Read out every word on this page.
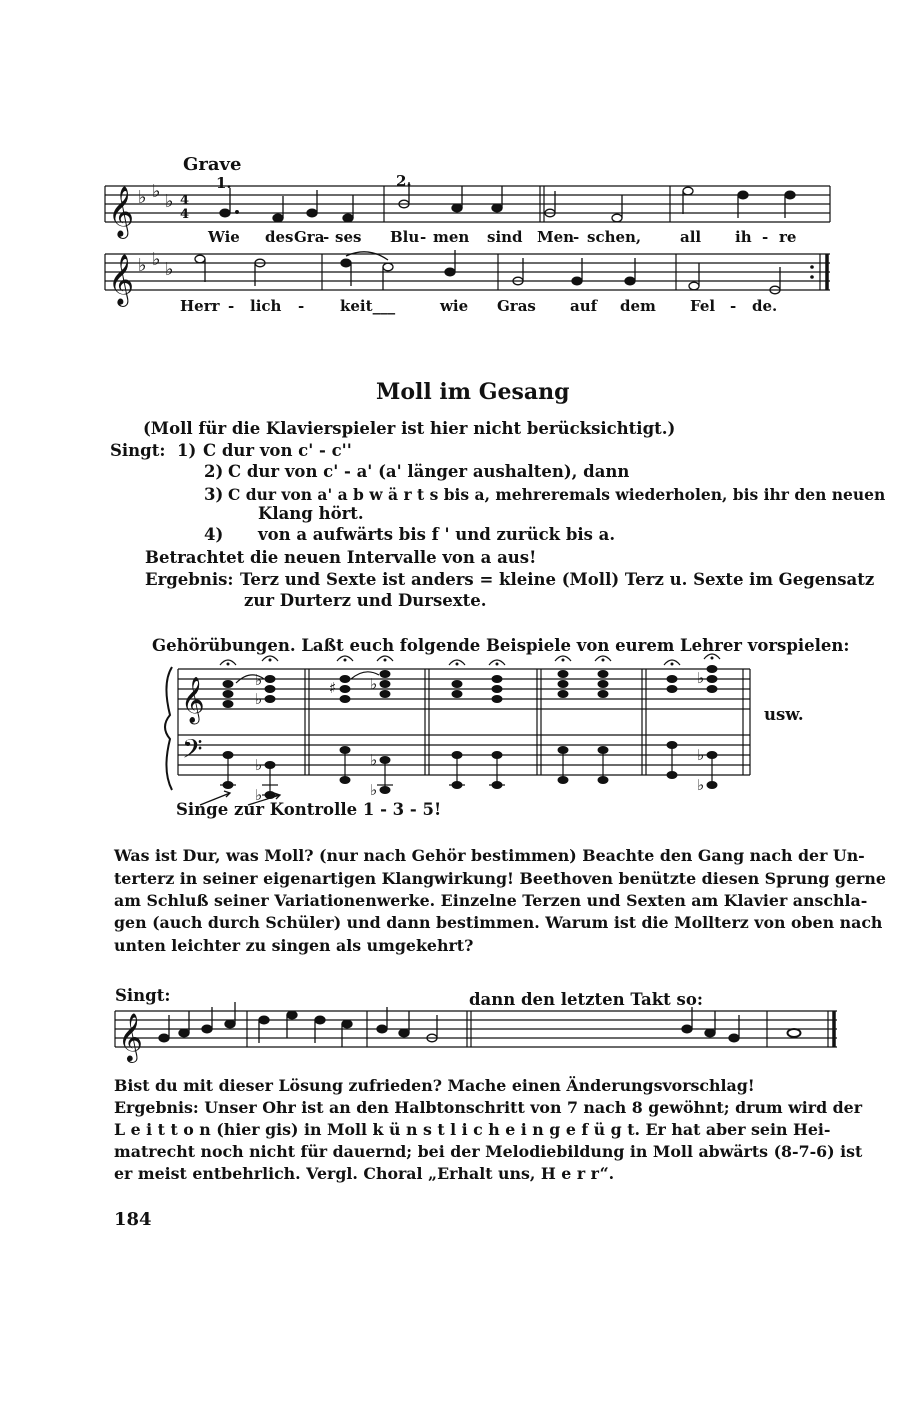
Grave
1.	2.
𝄞 ♭ ♭ ♭ 4
4
Wie des Gra
- ses Blu - men sind Men
- schen,	all ih - re
𝄞 ♭ ♭ ♭
Herr - lich - keit___	wie Gras auf dem Fel - de.
Moll im Gesang
(Moll für die Klavierspieler ist hier nicht berücksichtigt.)
Singt: 1) C dur von c' - c''
2) C dur von c' - a' (a' länger aushalten), dann
3) C dur von a' a b w ä r t s bis a, mehreremals wiederholen, bis ihr den neuen
Klang hört.
4) von a aufwärts bis f ' und zurück bis a.
Betrachtet die neuen Intervalle von a aus!
Ergebnis: Terz und Sexte ist anders = kleine (Moll) Terz u. Sexte im Gegensatz
zur Durterz und Dursexte.
Gehörübungen. Laßt euch folgende Beispiele von eurem Lehrer vorspielen:
𝄞
𝄢
♭
♭
♭
♯
♭
♭
♭
♭
♭
♭
♭
usw.
Singe zur Kontrolle 1 - 3 - 5!
Was ist Dur, was Moll? (nur nach Gehör bestimmen) Beachte den Gang nach der Un-
terterz in seiner eigenartigen Klangwirkung! Beethoven benützte diesen Sprung gerne
am Schluß seiner Variationenwerke. Einzelne Terzen und Sexten am Klavier anschla-
gen (auch durch Schüler) und dann bestimmen. Warum ist die Mollterz von oben nach
unten leichter zu singen als umgekehrt?
Singt:	dann den letzten Takt so:
𝄞
Bist du mit dieser Lösung zufrieden? Mache einen Änderungsvorschlag!
Ergebnis: Unser Ohr ist an den Halbtonschritt von 7 nach 8 gewöhnt; drum wird der
L e i t t o n (hier gis) in Moll k ü n s t l i c h e i n g e f ü g t. Er hat aber sein Hei-
matrecht noch nicht für dauernd; bei der Melodiebildung in Moll abwärts (8-7-6) ist
er meist entbehrlich. Vergl. Choral „Erhalt uns, H e r r“.
184
